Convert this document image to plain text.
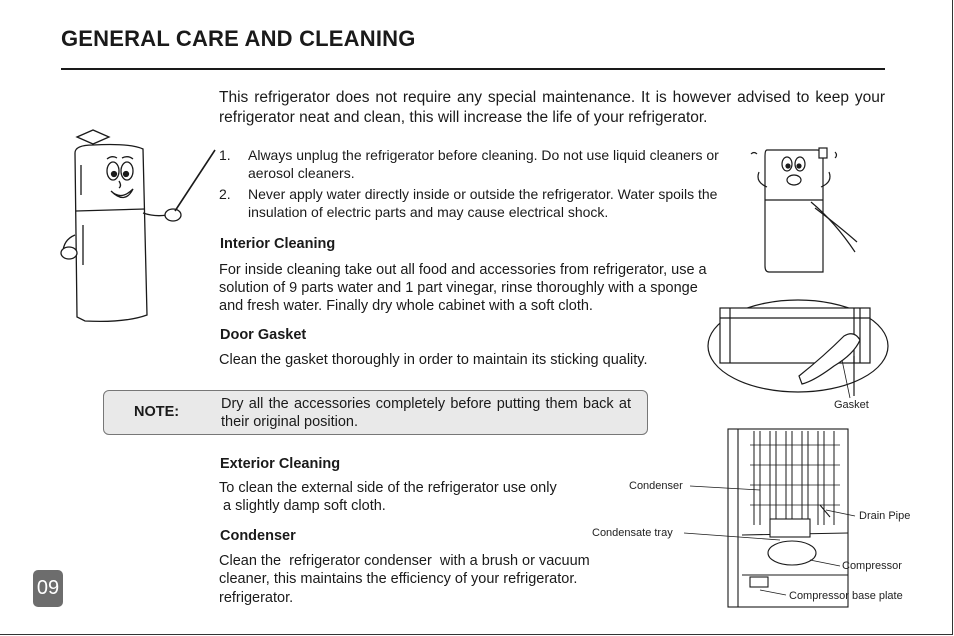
GENERAL CARE AND CLEANING
This refrigerator does not require any special maintenance. It is however advised to keep your refrigerator neat and clean, this will increase the life of your refrigerator.
1.	Always unplug the refrigerator before cleaning. Do not use liquid cleaners or aerosol cleaners.
2.	Never apply water directly inside or outside the refrigerator. Water spoils the insulation of electric parts and may cause electrical shock.
Interior Cleaning
For inside cleaning take out all food and accessories from refrigerator, use a solution of 9 parts water and 1 part vinegar, rinse thoroughly with a sponge and fresh water. Finally dry whole cabinet with a soft cloth.
Door Gasket
Clean the gasket thoroughly in order to maintain its sticking quality.
NOTE:	Dry all the accessories completely before putting them back at their original position.
Exterior Cleaning
To clean the external side of the refrigerator use only
a slightly damp soft cloth.
Condenser
Clean the  refrigerator condenser  with a brush or vacuum
cleaner, this maintains the efficiency of your refrigerator.
refrigerator.
09
Gasket
Condenser
Drain Pipe
Condensate tray
Compressor
Compressor base plate
